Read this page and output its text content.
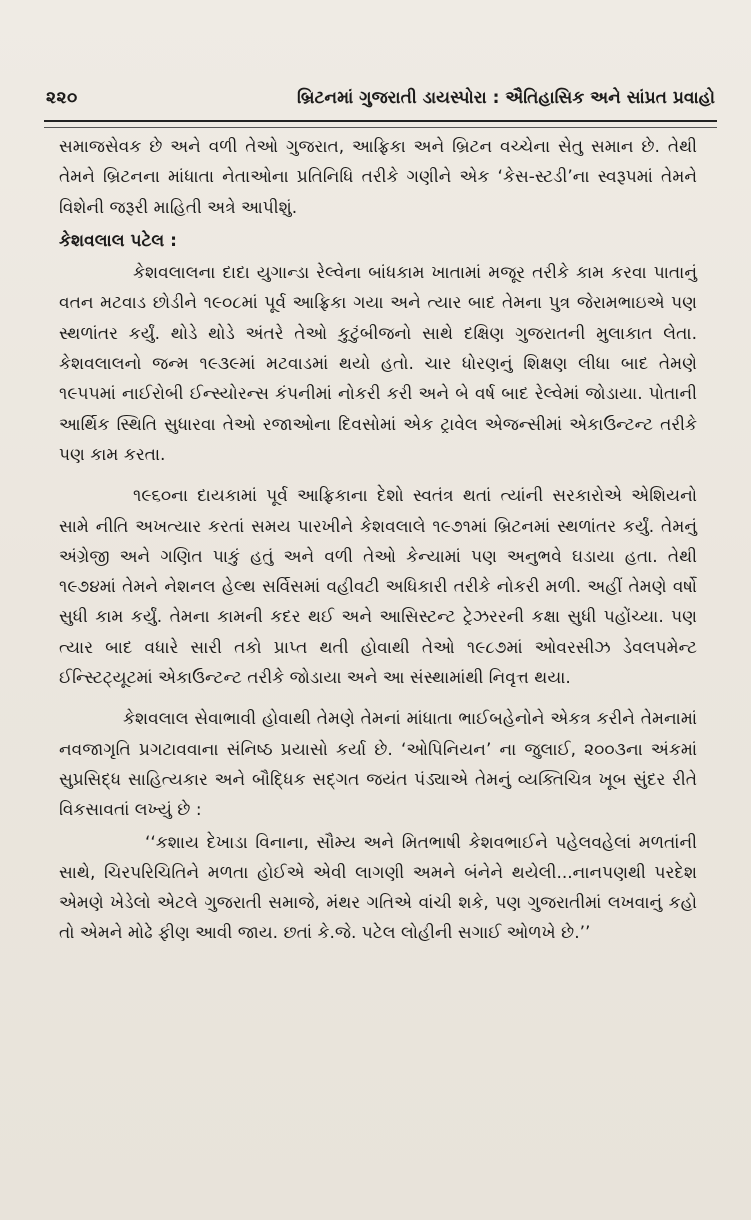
૨૨૦	બ્રિટનમાં ગુજરાતી ડાયસ્પોરા : ઐતિહાસિક અને સાંપ્રત પ્રવાહો

સમાજસેવક છે અને વળી તેઓ ગુજરાત, આફ્રિકા અને બ્રિટન વચ્ચેના સેતુ સમાન છે. તેથી તેમને બ્રિટનના માંધાતા નેતાઓના પ્રતિનિધિ તરીકે ગણીને એક ‘કેસ-સ્ટડી’ના સ્વરૂપમાં તેમને વિશેની જરૂરી માહિતી અત્રે આપીશું.

કેશવલાલ પટેલ :

કેશવલાલના દાદા યુગાન્ડા રેલ્વેના બાંધકામ ખાતામાં મજૂર તરીકે કામ કરવા પાતાનું વતન મટવાડ છોડીને ૧૯૦૮માં પૂર્વ આફ્રિકા ગયા અને ત્યાર બાદ તેમના પુત્ર જેરામભાઇએ પણ સ્થળાંતર કર્યું. થોડે થોડે અંતરે તેઓ કુટુંબીજનો સાથે દક્ષિણ ગુજરાતની મુલાકાત લેતા. કેશવલાલનો જન્મ ૧૯૩૯માં મટવાડમાં થયો હતો. ચાર ધોરણનું શિક્ષણ લીધા બાદ તેમણે ૧૯૫૫માં નાઈરોબી ઈન્સ્યોરન્સ કંપનીમાં નોકરી કરી અને બે વર્ષ બાદ રેલ્વેમાં જોડાયા. પોતાની આર્થિક સ્થિતિ સુધારવા તેઓ રજાઓના દિવસોમાં એક ટ્રાવેલ એજન્સીમાં એકાઉન્ટન્ટ તરીકે પણ કામ કરતા.

૧૯૬૦ના દાયકામાં પૂર્વ આફ્રિકાના દેશો સ્વતંત્ર થતાં ત્યાંની સરકારોએ એશિયનો સામે નીતિ અખત્યાર કરતાં સમય પારખીને કેશવલાલે ૧૯૭૧માં બ્રિટનમાં સ્થળાંતર કર્યું. તેમનું અંગ્રેજી અને ગણિત પાકું હતું અને વળી તેઓ કેન્યામાં પણ અનુભવે ઘડાયા હતા. તેથી ૧૯૭૪માં તેમને નેશનલ હેલ્થ સર્વિસમાં વહીવટી અધિકારી તરીકે નોકરી મળી. અહીં તેમણે વર્ષો સુધી કામ કર્યું. તેમના કામની કદર થઈ અને આસિસ્ટન્ટ ટ્રેઝરરની કક્ષા સુધી પહોંચ્યા. પણ ત્યાર બાદ વધારે સારી તકો પ્રાપ્ત થતી હોવાથી તેઓ ૧૯૮૭માં ઓવરસીઝ ડેવલપમેન્ટ ઈન્સ્ટિટ્યૂટમાં એકાઉન્ટન્ટ તરીકે જોડાયા અને આ સંસ્થામાંથી નિવૃત્ત થયા.

કેશવલાલ સેવાભાવી હોવાથી તેમણે તેમનાં માંધાતા ભાઈબહેનોને એકત્ર કરીને તેમનામાં નવજાગૃતિ પ્રગટાવવાના સંનિષ્ઠ પ્રયાસો કર્યા છે. ‘ઓપિનિયન’ ના જુલાઈ, ૨૦૦૩ના અંકમાં સુપ્રસિદ્ધ સાહિત્યકાર અને બૌદ્ધિક સદ્‌ગત જયંત પંડ્યાએ તેમનું વ્યક્તિચિત્ર ખૂબ સુંદર રીતે વિકસાવતાં લખ્યું છે :

‘‘કશાય દેખાડા વિનાના, સૌમ્ય અને મિતભાષી કેશવભાઈને પહેલવહેલાં મળતાંની સાથે, ચિરપરિચિતિને મળતા હોઈએ એવી લાગણી અમને બંનેને થયેલી...નાનપણથી પરદેશ એમણે ખેડેલો એટલે ગુજરાતી સમાજે, મંથર ગતિએ વાંચી શકે, પણ ગુજરાતીમાં લખવાનું કહો તો એમને મોઢે ફીણ આવી જાય. છતાં કે.જે. પટેલ લોહીની સગાઈ ઓળખે છે.’’
